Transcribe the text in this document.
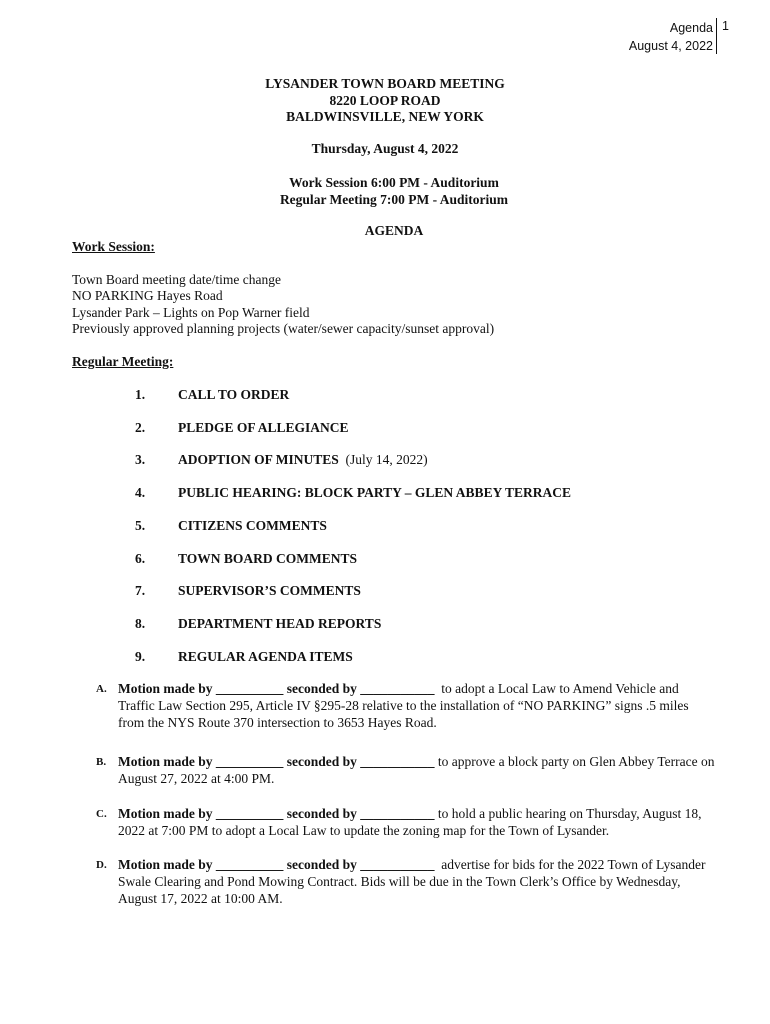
Agenda
August 4, 2022
1
LYSANDER TOWN BOARD MEETING
8220 LOOP ROAD
BALDWINSVILLE, NEW YORK
Thursday, August 4, 2022
Work Session 6:00 PM - Auditorium
Regular Meeting 7:00 PM - Auditorium
AGENDA
Work Session:
Town Board meeting date/time change
NO PARKING Hayes Road
Lysander Park – Lights on Pop Warner field
Previously approved planning projects (water/sewer capacity/sunset approval)
Regular Meeting:
1. CALL TO ORDER
2. PLEDGE OF ALLEGIANCE
3. ADOPTION OF MINUTES (July 14, 2022)
4. PUBLIC HEARING: BLOCK PARTY – GLEN ABBEY TERRACE
5. CITIZENS COMMENTS
6. TOWN BOARD COMMENTS
7. SUPERVISOR’S COMMENTS
8. DEPARTMENT HEAD REPORTS
9. REGULAR AGENDA ITEMS
A. Motion made by __________ seconded by ___________ to adopt a Local Law to Amend Vehicle and Traffic Law Section 295, Article IV §295-28 relative to the installation of “NO PARKING” signs .5 miles from the NYS Route 370 intersection to 3653 Hayes Road.
B. Motion made by __________ seconded by ___________ to approve a block party on Glen Abbey Terrace on August 27, 2022 at 4:00 PM.
C. Motion made by __________ seconded by ___________ to hold a public hearing on Thursday, August 18, 2022 at 7:00 PM to adopt a Local Law to update the zoning map for the Town of Lysander.
D. Motion made by __________ seconded by ___________ advertise for bids for the 2022 Town of Lysander Swale Clearing and Pond Mowing Contract. Bids will be due in the Town Clerk’s Office by Wednesday, August 17, 2022 at 10:00 AM.
